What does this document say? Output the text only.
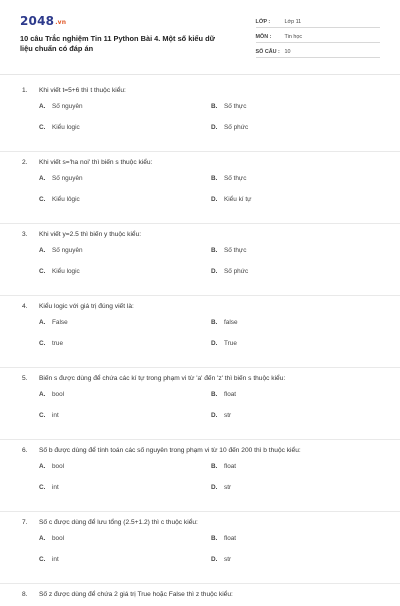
2048.vn
10 câu Trắc nghiệm Tin 11 Python Bài 4. Một số kiểu dữ liệu chuẩn có đáp án
LỚP :	Lớp 11
MÔN :	Tin học
SỐ CÂU : 10
1.	Khi viết t=5+6 thì t thuộc kiểu:
A.	Số nguyên	B.	Số thực
C.	Kiểu logic	D.	Số phức
2.	Khi viết s='ha noi' thì biến s thuộc kiểu:
A.	Số nguyên	B.	Số thực
C.	Kiểu lôgic	D.	Kiểu kí tự
3.	Khi viết y=2.5 thì biến y thuộc kiểu:
A.	Số nguyên	B.	Số thực
C.	Kiểu logic	D.	Số phức
4.	Kiểu logic với giá trị đúng viết là:
A.	False	B.	false
C.	true	D.	True
5.	Biến s được dùng để chứa các kí tự trong phạm vi từ 'a' đến 'z' thì biến s thuộc kiểu:
A.	bool	B.	float
C.	int	D.	str
6.	Số b được dùng để tính toán các số nguyên trong phạm vi từ 10 đến 200 thì b thuộc kiểu:
A.	bool	B.	float
C.	int	D.	str
7.	Số c được dùng để lưu tổng (2.5+1.2) thì c thuộc kiểu:
A.	bool	B.	float
C.	int	D.	str
8.	Số z được dùng để chứa 2 giá trị True hoặc False thì z thuộc kiểu:
